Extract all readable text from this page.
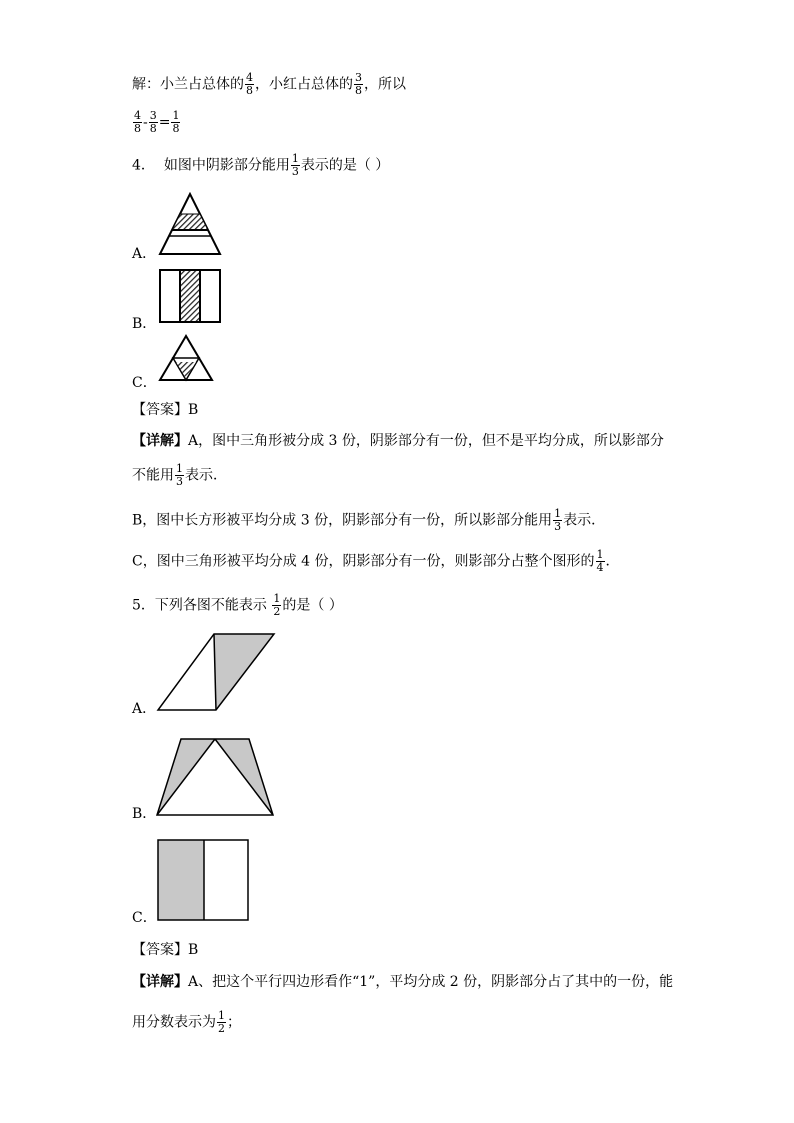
解：小兰占总体的 $\frac{4}{8}$ ，小红占总体的 $\frac{3}{8}$ ，所以
$\frac{4}{8} - \frac{3}{8} = \frac{1}{8}$
4． 如图中阴影部分能用 $\frac{1}{3}$ 表示的是（ ）
A．
B．
C．
【答案】B
【详解】A，图中三角形被分成 3 份，阴影部分有一份，但不是平均分成，所以影部分
不能用 $\frac{1}{3}$ 表示．
B，图中长方形被平均分成 3 份，阴影部分有一份，所以影部分能用 $\frac{1}{3}$ 表示．
C，图中三角形被平均分成 4 份，阴影部分有一份，则影部分占整个图形的 $\frac{1}{4}$ ．
5．下列各图不能表示 $\frac{1}{2}$ 的是（ ）
A．
B．
C．
【答案】B
【详解】A、把这个平行四边形看作“1”，平均分成 2 份，阴影部分占了其中的一份，能
用分数表示为 $\frac{1}{2}$ ；
